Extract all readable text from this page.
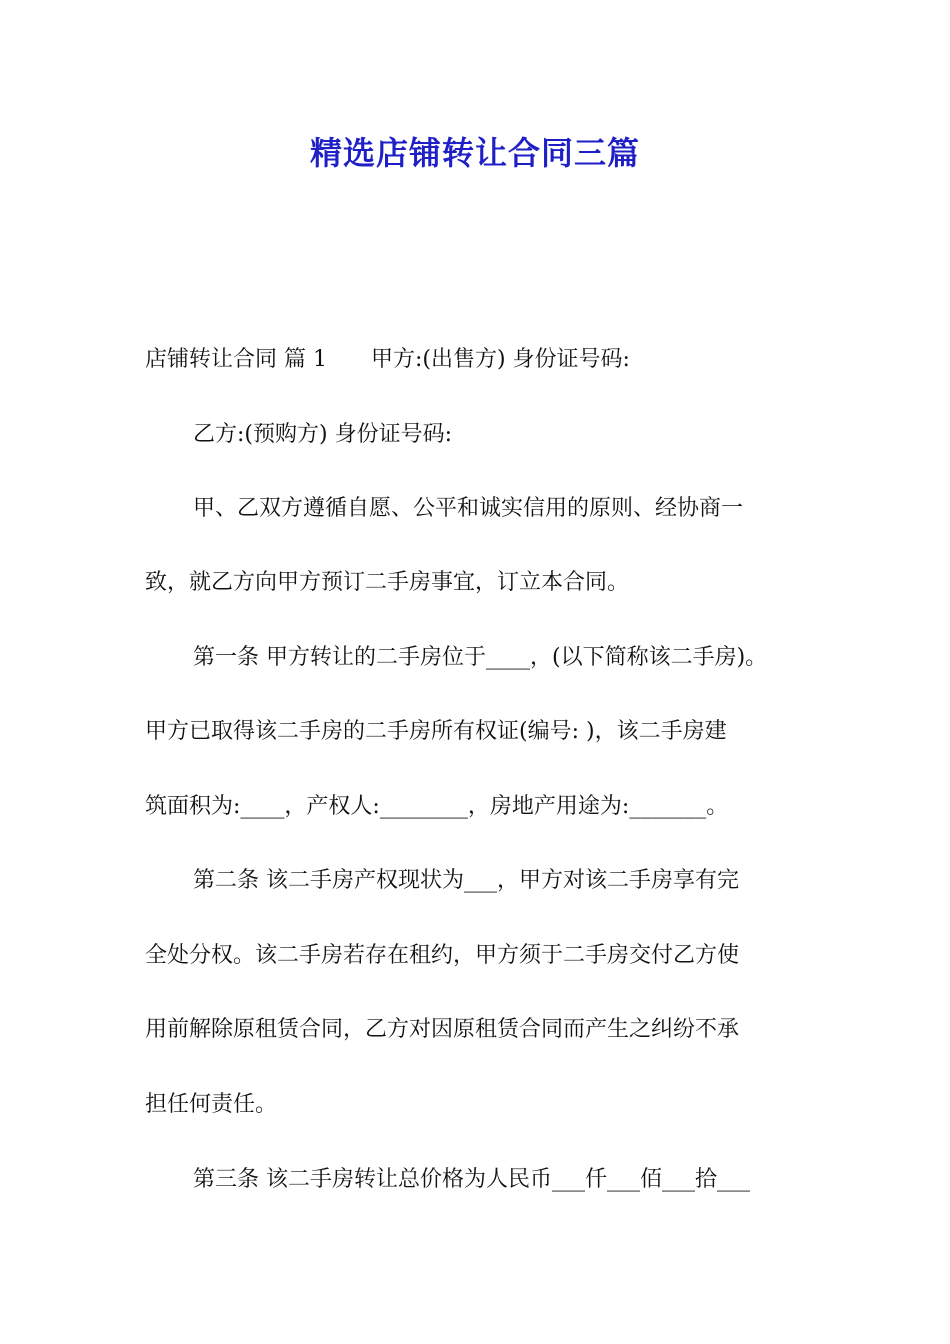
精选店铺转让合同三篇
店铺转让合同 篇 1 甲方:(出售方) 身份证号码:
乙方:(预购方) 身份证号码:
甲、乙双方遵循自愿、公平和诚实信用的原则、经协商一
致，就乙方向甲方预订二手房事宜，订立本合同。
第一条 甲方转让的二手房位于____，(以下简称该二手房)。
甲方已取得该二手房的二手房所有权证(编号: )，该二手房建
筑面积为:____，产权人:________，房地产用途为:_______。
第二条 该二手房产权现状为___，甲方对该二手房享有完
全处分权。该二手房若存在租约，甲方须于二手房交付乙方使
用前解除原租赁合同，乙方对因原租赁合同而产生之纠纷不承
担任何责任。
第三条 该二手房转让总价格为人民币___仟___佰___拾___
